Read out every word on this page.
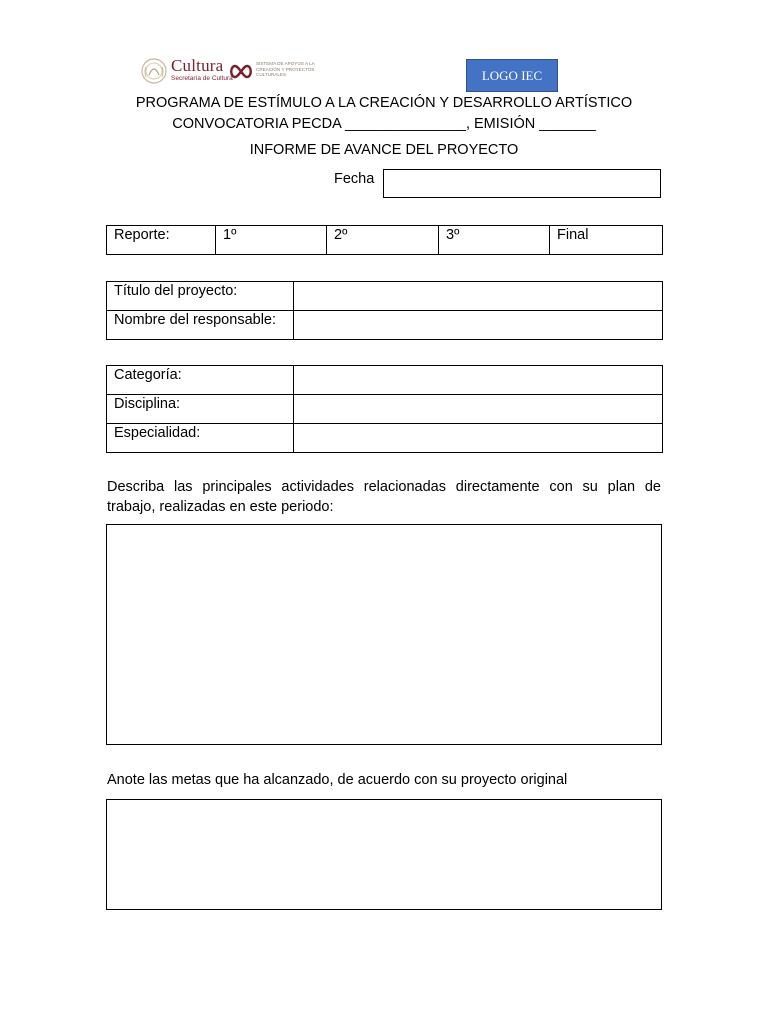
Cultura
Secretaría de Cultura
SISTEMA DE APOYOS A LA CREACIÓN Y PROYECTOS CULTURALES	LOGO IEC
PROGRAMA DE ESTÍMULO A LA CREACIÓN Y DESARROLLO ARTÍSTICO
CONVOCATORIA PECDA _______________, EMISIÓN _______
INFORME DE AVANCE DEL PROYECTO
Fecha
Reporte:	1º	2º	3º	Final
Título del proyecto:	
Nombre del responsable:	
Categoría:	
Disciplina:	
Especialidad:	
Describa las principales actividades relacionadas directamente con su plan de trabajo, realizadas en este periodo:
Anote las metas que ha alcanzado, de acuerdo con su proyecto original
